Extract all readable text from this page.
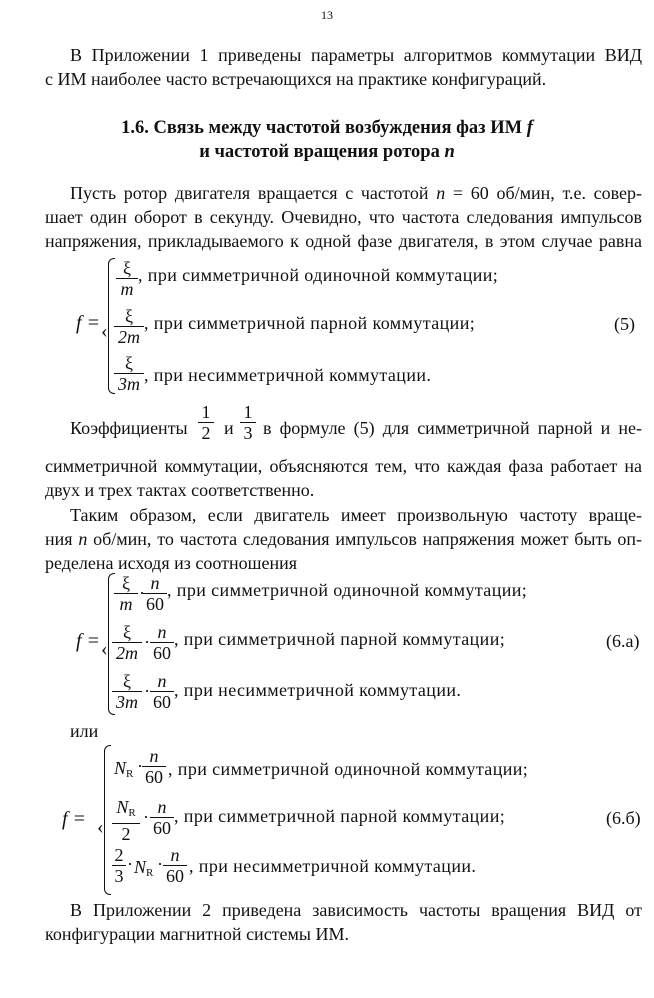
13
В Приложении 1 приведены параметры алгоритмов коммутации ВИД
с ИМ наиболее часто встречающихся на практике конфигураций.
1.6. Связь между частотой возбуждения фаз ИМ f
и частотой вращения ротора n
Пусть ротор двигателя вращается с частотой n = 60 об/мин, т.е. совер-
шает один оборот в секунду. Очевидно, что частота следования импульсов
напряжения, прикладываемого к одной фазе двигателя, в этом случае равна
f = ‹
$\frac{\xi}{m}$ , при симметричной одиночной коммутации;
$\frac{\xi}{2m}$ , при симметричной парной коммутации;
$\frac{\xi}{3m}$ , при несимметричной коммутации.
(5)
Коэффициенты $\frac{1}{2}$ и $\frac{1}{3}$ в формуле (5) для симметричной парной и не-
симметричной коммутации, объясняются тем, что каждая фаза работает на
двух и трех тактах соответственно.
Таким образом, если двигатель имеет произвольную частоту враще-
ния n об/мин, то частота следования импульсов напряжения может быть оп-
ределена исходя из соотношения
f = ‹
$\frac{\xi}{m}$ ·
$\frac{n}{60}$ , при симметричной одиночной коммутации;
$\frac{\xi}{2m} \cdot \frac{n}{60}$ , при симметричной парной коммутации;
$\frac{\xi}{3m} \cdot \frac{n}{60}$ , при несимметричной коммутации.
(6.а)
или
f = ‹
$N_R \cdot \frac{n}{60}$ , при симметричной одиночной коммутации;
$\frac{N_R}{2} \cdot \frac{n}{60}$ , при симметричной парной коммутации;
$\frac{2}{3} \cdot N_R \cdot \frac{n}{60}$ , при несимметричной коммутации.
(6.б)
В Приложении 2 приведена зависимость частоты вращения ВИД от
конфигурации магнитной системы ИМ.
